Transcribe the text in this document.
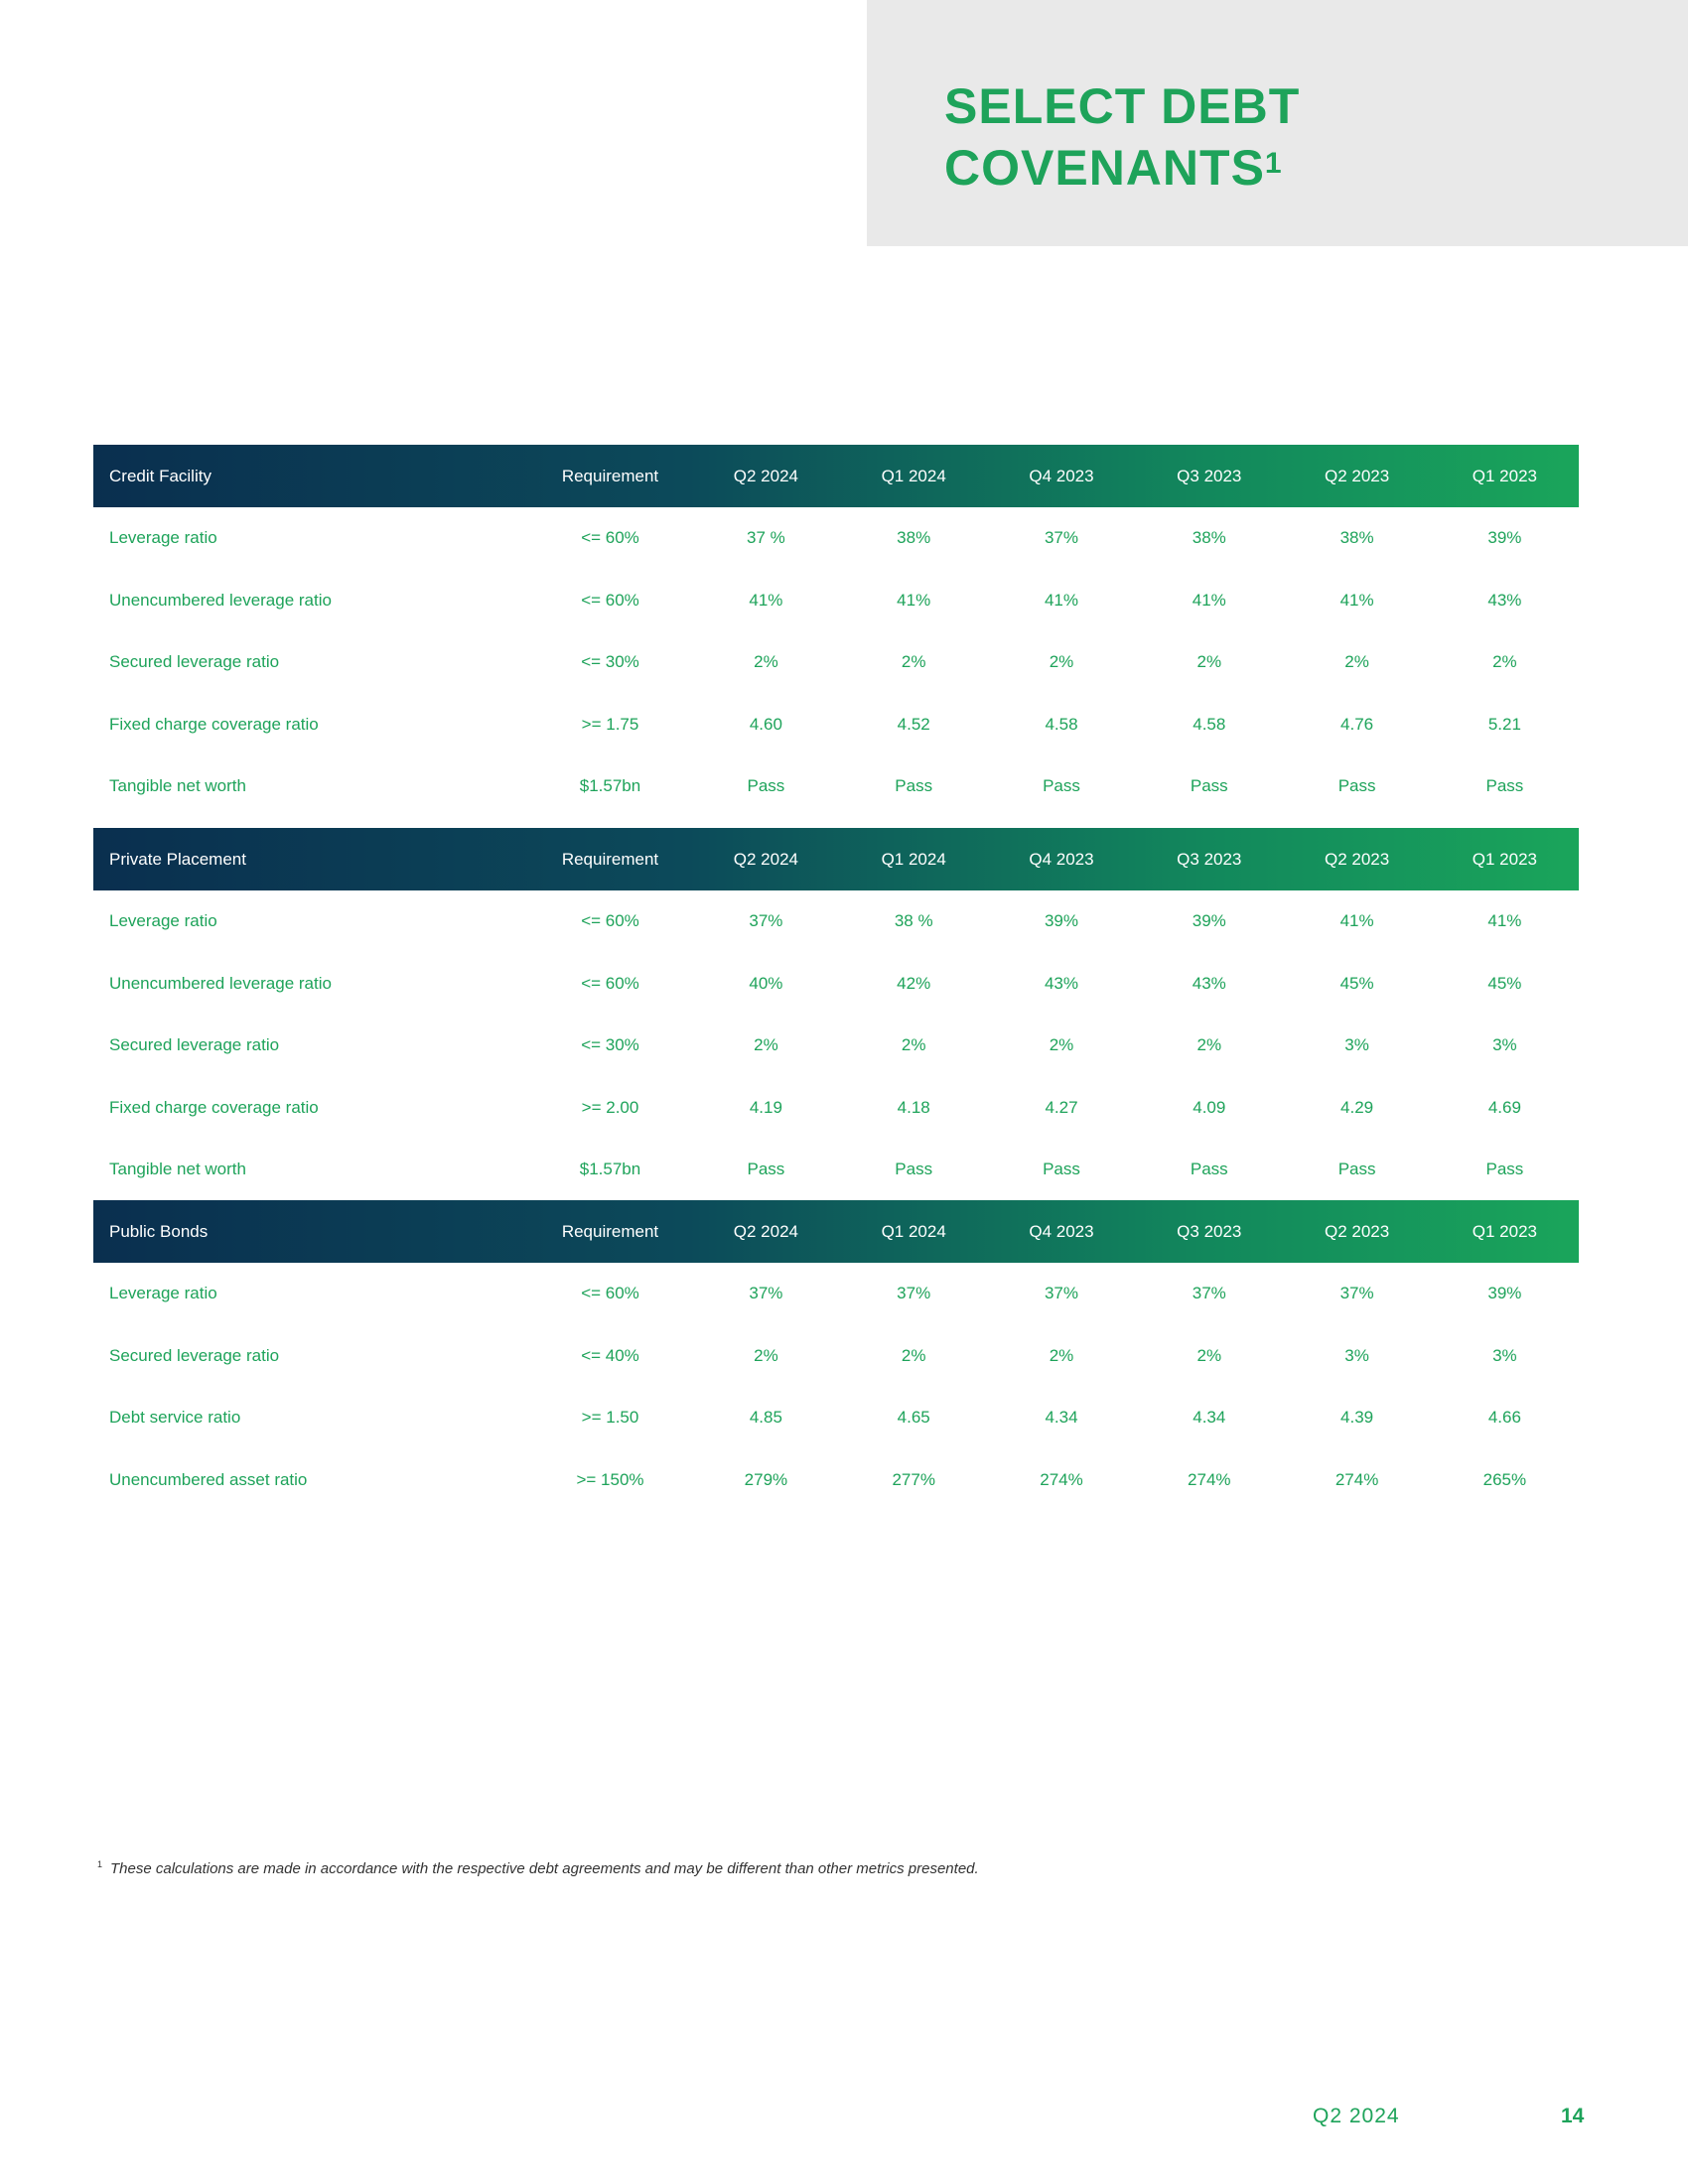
SELECT DEBT
COVENANTS$^1$
Credit Facility	Requirement	Q2 2024	Q1 2024	Q4 2023	Q3 2023	Q2 2023	Q1 2023
Leverage ratio	<= 60%	37 %	38%	37%	38%	38%	39%
Unencumbered leverage ratio	<= 60%	41%	41%	41%	41%	41%	43%
Secured leverage ratio	<= 30%	2%	2%	2%	2%	2%	2%
Fixed charge coverage ratio	>= 1.75	4.60	4.52	4.58	4.58	4.76	5.21
Tangible net worth	$1.57bn	Pass	Pass	Pass	Pass	Pass	Pass
Private Placement	Requirement	Q2 2024	Q1 2024	Q4 2023	Q3 2023	Q2 2023	Q1 2023
Leverage ratio	<= 60%	37%	38 %	39%	39%	41%	41%
Unencumbered leverage ratio	<= 60%	40%	42%	43%	43%	45%	45%
Secured leverage ratio	<= 30%	2%	2%	2%	2%	3%	3%
Fixed charge coverage ratio	>= 2.00	4.19	4.18	4.27	4.09	4.29	4.69
Tangible net worth	$1.57bn	Pass	Pass	Pass	Pass	Pass	Pass
Public Bonds	Requirement	Q2 2024	Q1 2024	Q4 2023	Q3 2023	Q2 2023	Q1 2023
Leverage ratio	<= 60%	37%	37%	37%	37%	37%	39%
Secured leverage ratio	<= 40%	2%	2%	2%	2%	3%	3%
Debt service ratio	>= 1.50	4.85	4.65	4.34	4.34	4.39	4.66
Unencumbered asset ratio	>= 150%	279%	277%	274%	274%	274%	265%

$^1$ These calculations are made in accordance with the respective debt agreements and may be different than other metrics presented.

Q2 2024	14
